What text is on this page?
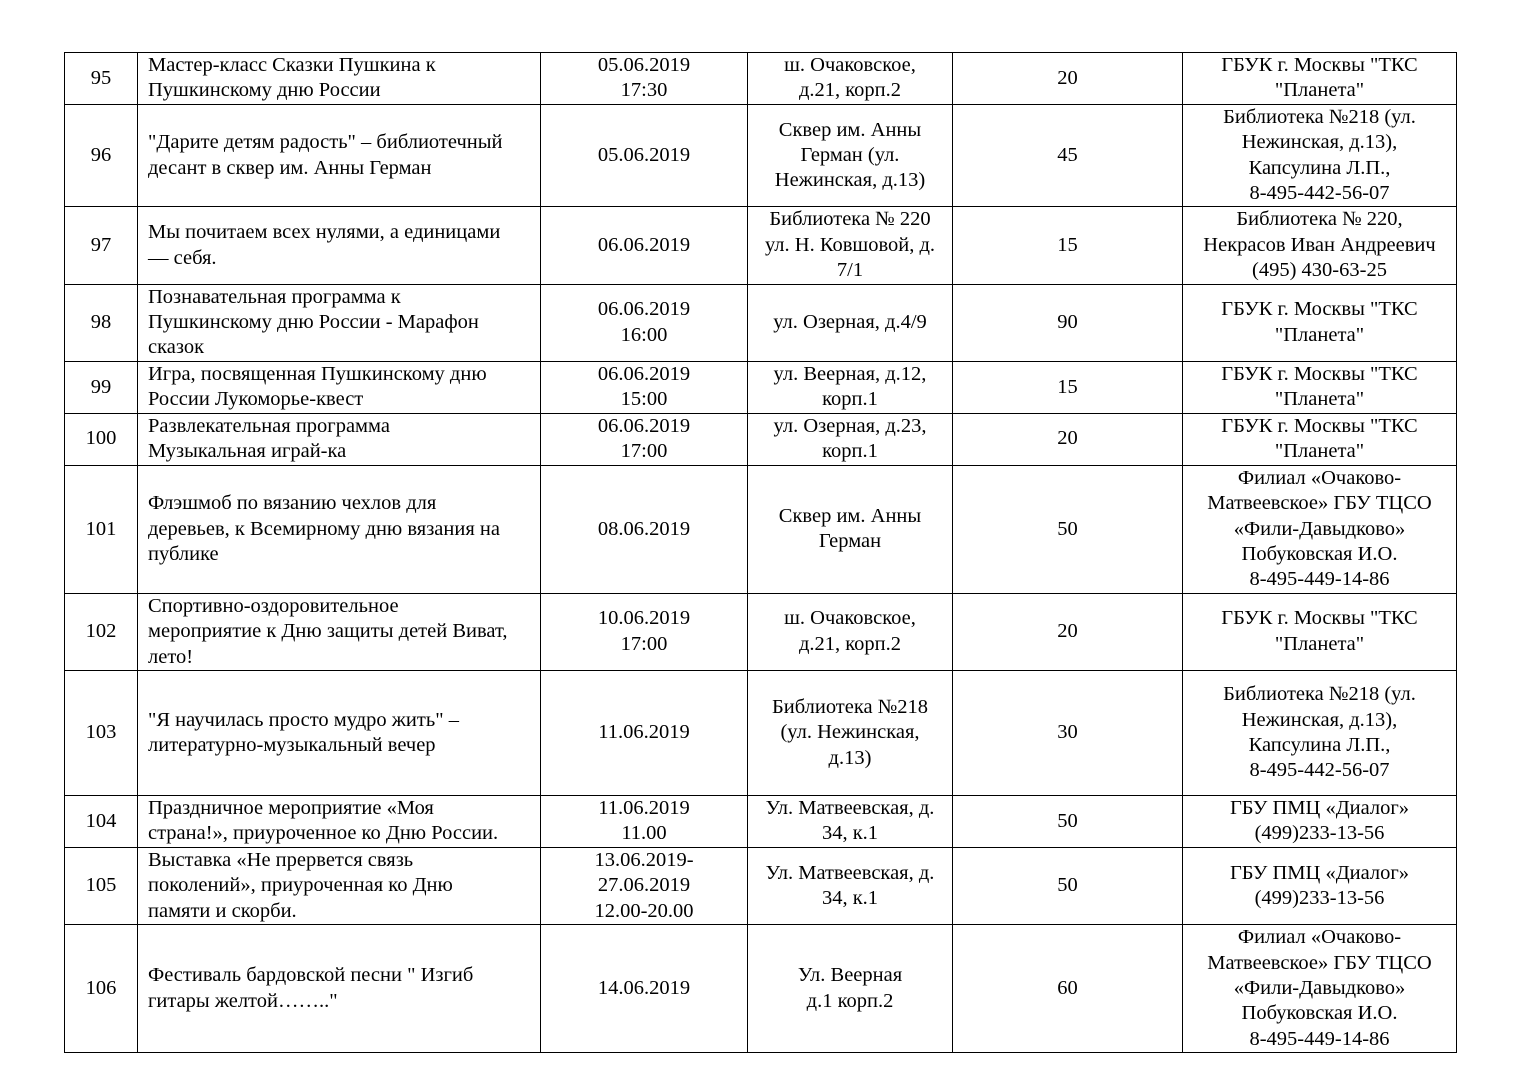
95	Мастер-класс Сказки Пушкина к
Пушкинскому дню России	05.06.2019
17:30	ш. Очаковское,
д.21, корп.2	20	ГБУК г. Москвы "ТКС
"Планета"
96	"Дарите детям радость" – библиотечный
десант в сквер им. Анны Герман	05.06.2019	Сквер им. Анны
Герман (ул.
Нежинская, д.13)	45	Библиотека №218 (ул.
Нежинская, д.13),
Капсулина Л.П.,
8-495-442-56-07
97	Мы почитаем всех нулями, а единицами
— себя.	06.06.2019	Библиотека № 220
ул. Н. Ковшовой, д.
7/1	15	Библиотека № 220,
Некрасов Иван Андреевич
(495) 430-63-25
98	Познавательная программа к
Пушкинскому дню России - Марафон
сказок	06.06.2019
16:00	ул. Озерная, д.4/9	90	ГБУК г. Москвы "ТКС
"Планета"
99	Игра, посвященная Пушкинскому дню
России Лукоморье-квест	06.06.2019
15:00	ул. Веерная, д.12,
корп.1	15	ГБУК г. Москвы "ТКС
"Планета"
100	Развлекательная программа
Музыкальная играй-ка	06.06.2019
17:00	ул. Озерная, д.23,
корп.1	20	ГБУК г. Москвы "ТКС
"Планета"
101	Флэшмоб по вязанию чехлов для
деревьев, к Всемирному дню вязания на
публике	08.06.2019	Сквер им. Анны
Герман	50	Филиал «Очаково-
Матвеевское» ГБУ ТЦСО
«Фили-Давыдково»
Побуковская И.О.
8-495-449-14-86
102	Спортивно-оздоровительное
мероприятие к Дню защиты детей Виват,
лето!	10.06.2019
17:00	ш. Очаковское,
д.21, корп.2	20	ГБУК г. Москвы "ТКС
"Планета"
103	"Я научилась просто мудро жить" –
литературно-музыкальный вечер	11.06.2019	Библиотека №218
(ул. Нежинская,
д.13)	30	Библиотека №218 (ул.
Нежинская, д.13),
Капсулина Л.П.,
8-495-442-56-07
104	Праздничное мероприятие «Моя
страна!», приуроченное ко Дню России.	11.06.2019
11.00	Ул. Матвеевская, д.
34, к.1	50	ГБУ ПМЦ «Диалог»
(499)233-13-56
105	Выставка «Не прервется связь
поколений», приуроченная ко Дню
памяти и скорби.	13.06.2019-
27.06.2019
12.00-20.00	Ул. Матвеевская, д.
34, к.1	50	ГБУ ПМЦ «Диалог»
(499)233-13-56
106	Фестиваль бардовской песни " Изгиб
гитары желтой…….."	14.06.2019	Ул. Веерная
д.1 корп.2	60	Филиал «Очаково-
Матвеевское» ГБУ ТЦСО
«Фили-Давыдково»
Побуковская И.О.
8-495-449-14-86
